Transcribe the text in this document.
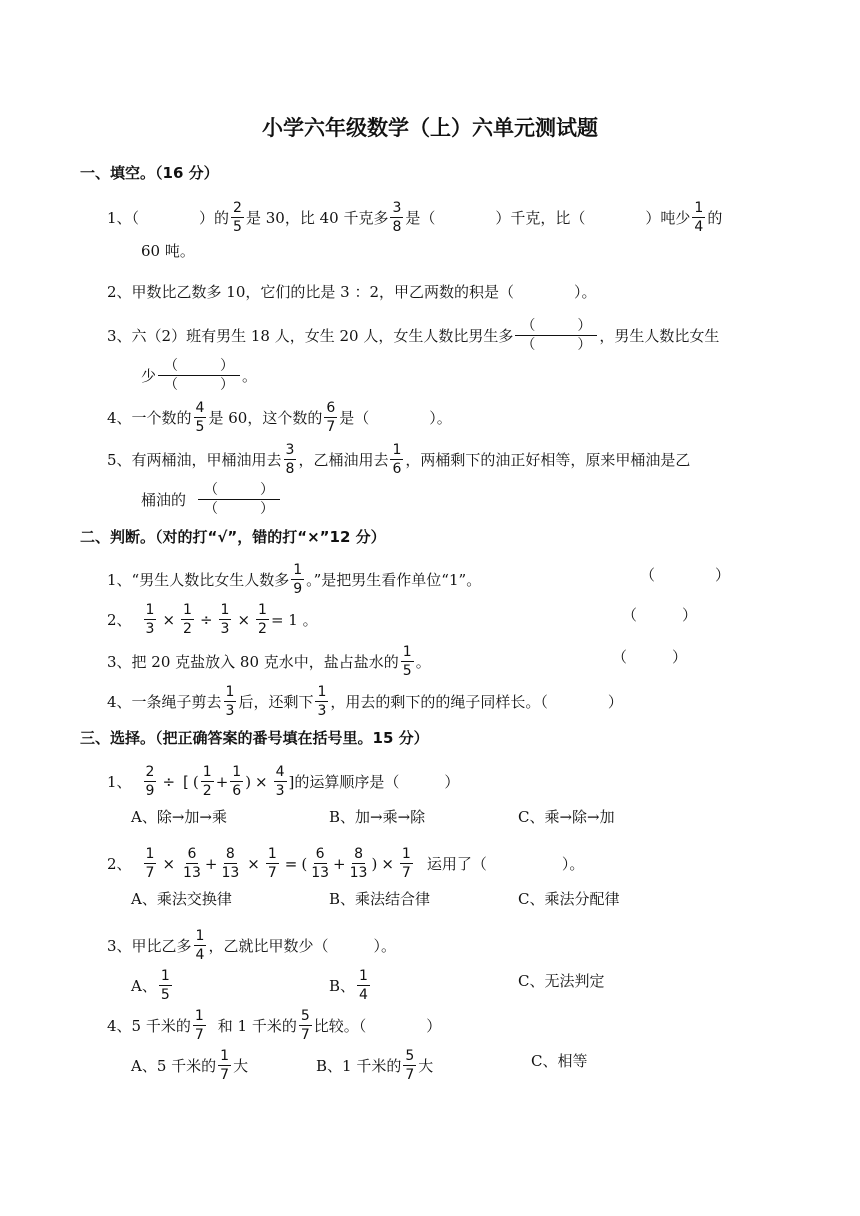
小学六年级数学（上）六单元测试题
一、填空。（16 分）
1、（　　　　）的 $\frac{2}{5}$ 是 30，比 40 千克多 $\frac{3}{8}$ 是（　　　　）千克，比（　　　　）吨少 $\frac{1}{4}$ 的
60 吨。
2、甲数比乙数多 10，它们的比是 3 ：2，甲乙两数的积是（　　　　）。
3、六（2）班有男生 18 人，女生 20 人，女生人数比男生多 $\frac{( )}{( )}$ ，男生人数比女生
少 $\frac{( )}{( )}$ 。
4、一个数的 $\frac{4}{5}$ 是 60，这个数的 $\frac{6}{7}$ 是（　　　　）。
5、有两桶油，甲桶油用去 $\frac{3}{8}$ ，乙桶油用去 $\frac{1}{6}$ ，两桶剩下的油正好相等，原来甲桶油是乙
桶油的 $\frac{( )}{( )}$
二、判断。（对的打“√”，错的打“×”12 分）
1、“男生人数比女生人数多 $\frac{1}{9}$ 。”是把男生看作单位“1”。	（　　　　）
2、 $\frac{1}{3} \times \frac{1}{2} \div \frac{1}{3} \times \frac{1}{2} = 1$ 。	（　　　）
3、把 20 克盐放入 80 克水中，盐占盐水的 $\frac{1}{5}$ 。	（　　　）
4、一条绳子剪去 $\frac{1}{3}$ 后，还剩下 $\frac{1}{3}$ ，用去的剩下的的绳子同样长。（　　　　）
三、选择。（把正确答案的番号填在括号里。15 分）
1、 $\frac{2}{9}$ ÷ [ ( $\frac{1}{2} + \frac{1}{6}$ ) × $\frac{4}{3}$ ]的运算顺序是（　　　）
A、除→加→乘	B、加→乘→除	C、乘→除→加
2、 $\frac{1}{7} \times \frac{6}{13} + \frac{8}{13} \times \frac{1}{7}$ = ( $\frac{6}{13} + \frac{8}{13}$ ) × $\frac{1}{7}$ 运用了（　　　　　）。
A、乘法交换律	B、乘法结合律	C、乘法分配律
3、甲比乙多 $\frac{1}{4}$ ，乙就比甲数少（　　　）。
A、 $\frac{1}{5}$	B、 $\frac{1}{4}$	C、无法判定
4、5 千米的 $\frac{1}{7}$ 和 1 千米的 $\frac{5}{7}$ 比较。（　　　　）
A、5 千米的 $\frac{1}{7}$ 大	B、1 千米的 $\frac{5}{7}$ 大	C、相等
